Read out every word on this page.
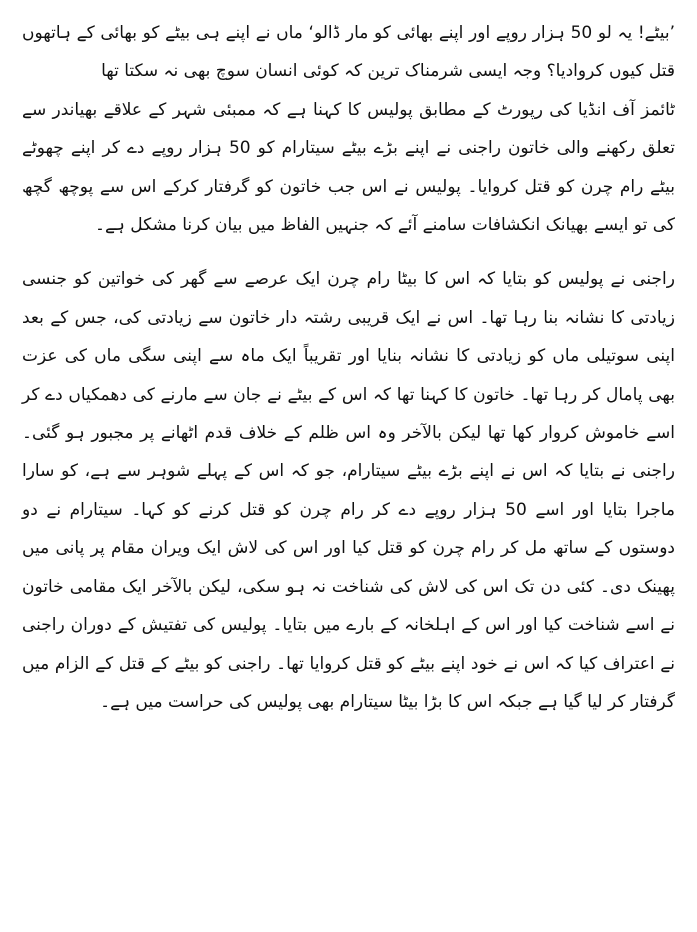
’بیٹے! یہ لو 50 ہزار روپے اور اپنے بھائی کو مار ڈالو‘ ماں نے اپنے ہی بیٹے کو بھائی کے ہاتھوں قتل کیوں کروادیا؟ وجہ ایسی شرمناک ترین کہ کوئی انسان سوچ بھی نہ سکتا تھا

ٹائمز آف انڈیا کی رپورٹ کے مطابق پولیس کا کہنا ہے کہ ممبئی شہر کے علاقے بھیاندر سے تعلق رکھنے والی خاتون راجنی نے اپنے بڑے بیٹے سیتارام کو 50 ہزار روپے دے کر اپنے چھوٹے بیٹے رام چرن کو قتل کروایا۔ پولیس نے اس جب خاتون کو گرفتار کرکے اس سے پوچھ گچھ کی تو ایسے بھیانک انکشافات سامنے آئے کہ جنہیں الفاظ میں بیان کرنا مشکل ہے۔

راجنی نے پولیس کو بتایا کہ اس کا بیٹا رام چرن ایک عرصے سے گھر کی خواتین کو جنسی زیادتی کا نشانہ بنا رہا تھا۔ اس نے ایک قریبی رشتہ دار خاتون سے زیادتی کی، جس کے بعد اپنی سوتیلی ماں کو زیادتی کا نشانہ بنایا اور تقریباً ایک ماہ سے اپنی سگی ماں کی عزت بھی پامال کر رہا تھا۔ خاتون کا کہنا تھا کہ اس کے بیٹے نے جان سے مارنے کی دھمکیاں دے کر اسے خاموش کروار کھا تھا لیکن بالآخر وہ اس ظلم کے خلاف قدم اٹھانے پر مجبور ہو گئی۔ راجنی نے بتایا کہ اس نے اپنے بڑے بیٹے سیتارام، جو کہ اس کے پہلے شوہر سے ہے، کو سارا ماجرا بتایا اور اسے 50 ہزار روپے دے کر رام چرن کو قتل کرنے کو کہا۔ سیتارام نے دو دوستوں کے ساتھ مل کر رام چرن کو قتل کیا اور اس کی لاش ایک ویران مقام پر پانی میں پھینک دی۔ کئی دن تک اس کی لاش کی شناخت نہ ہو سکی، لیکن بالآخر ایک مقامی خاتون نے اسے شناخت کیا اور اس کے اہلخانہ کے بارے میں بتایا۔ پولیس کی تفتیش کے دوران راجنی نے اعتراف کیا کہ اس نے خود اپنے بیٹے کو قتل کروایا تھا۔ راجنی کو بیٹے کے قتل کے الزام میں گرفتار کر لیا گیا ہے جبکہ اس کا بڑا بیٹا سیتارام بھی پولیس کی حراست میں ہے۔
